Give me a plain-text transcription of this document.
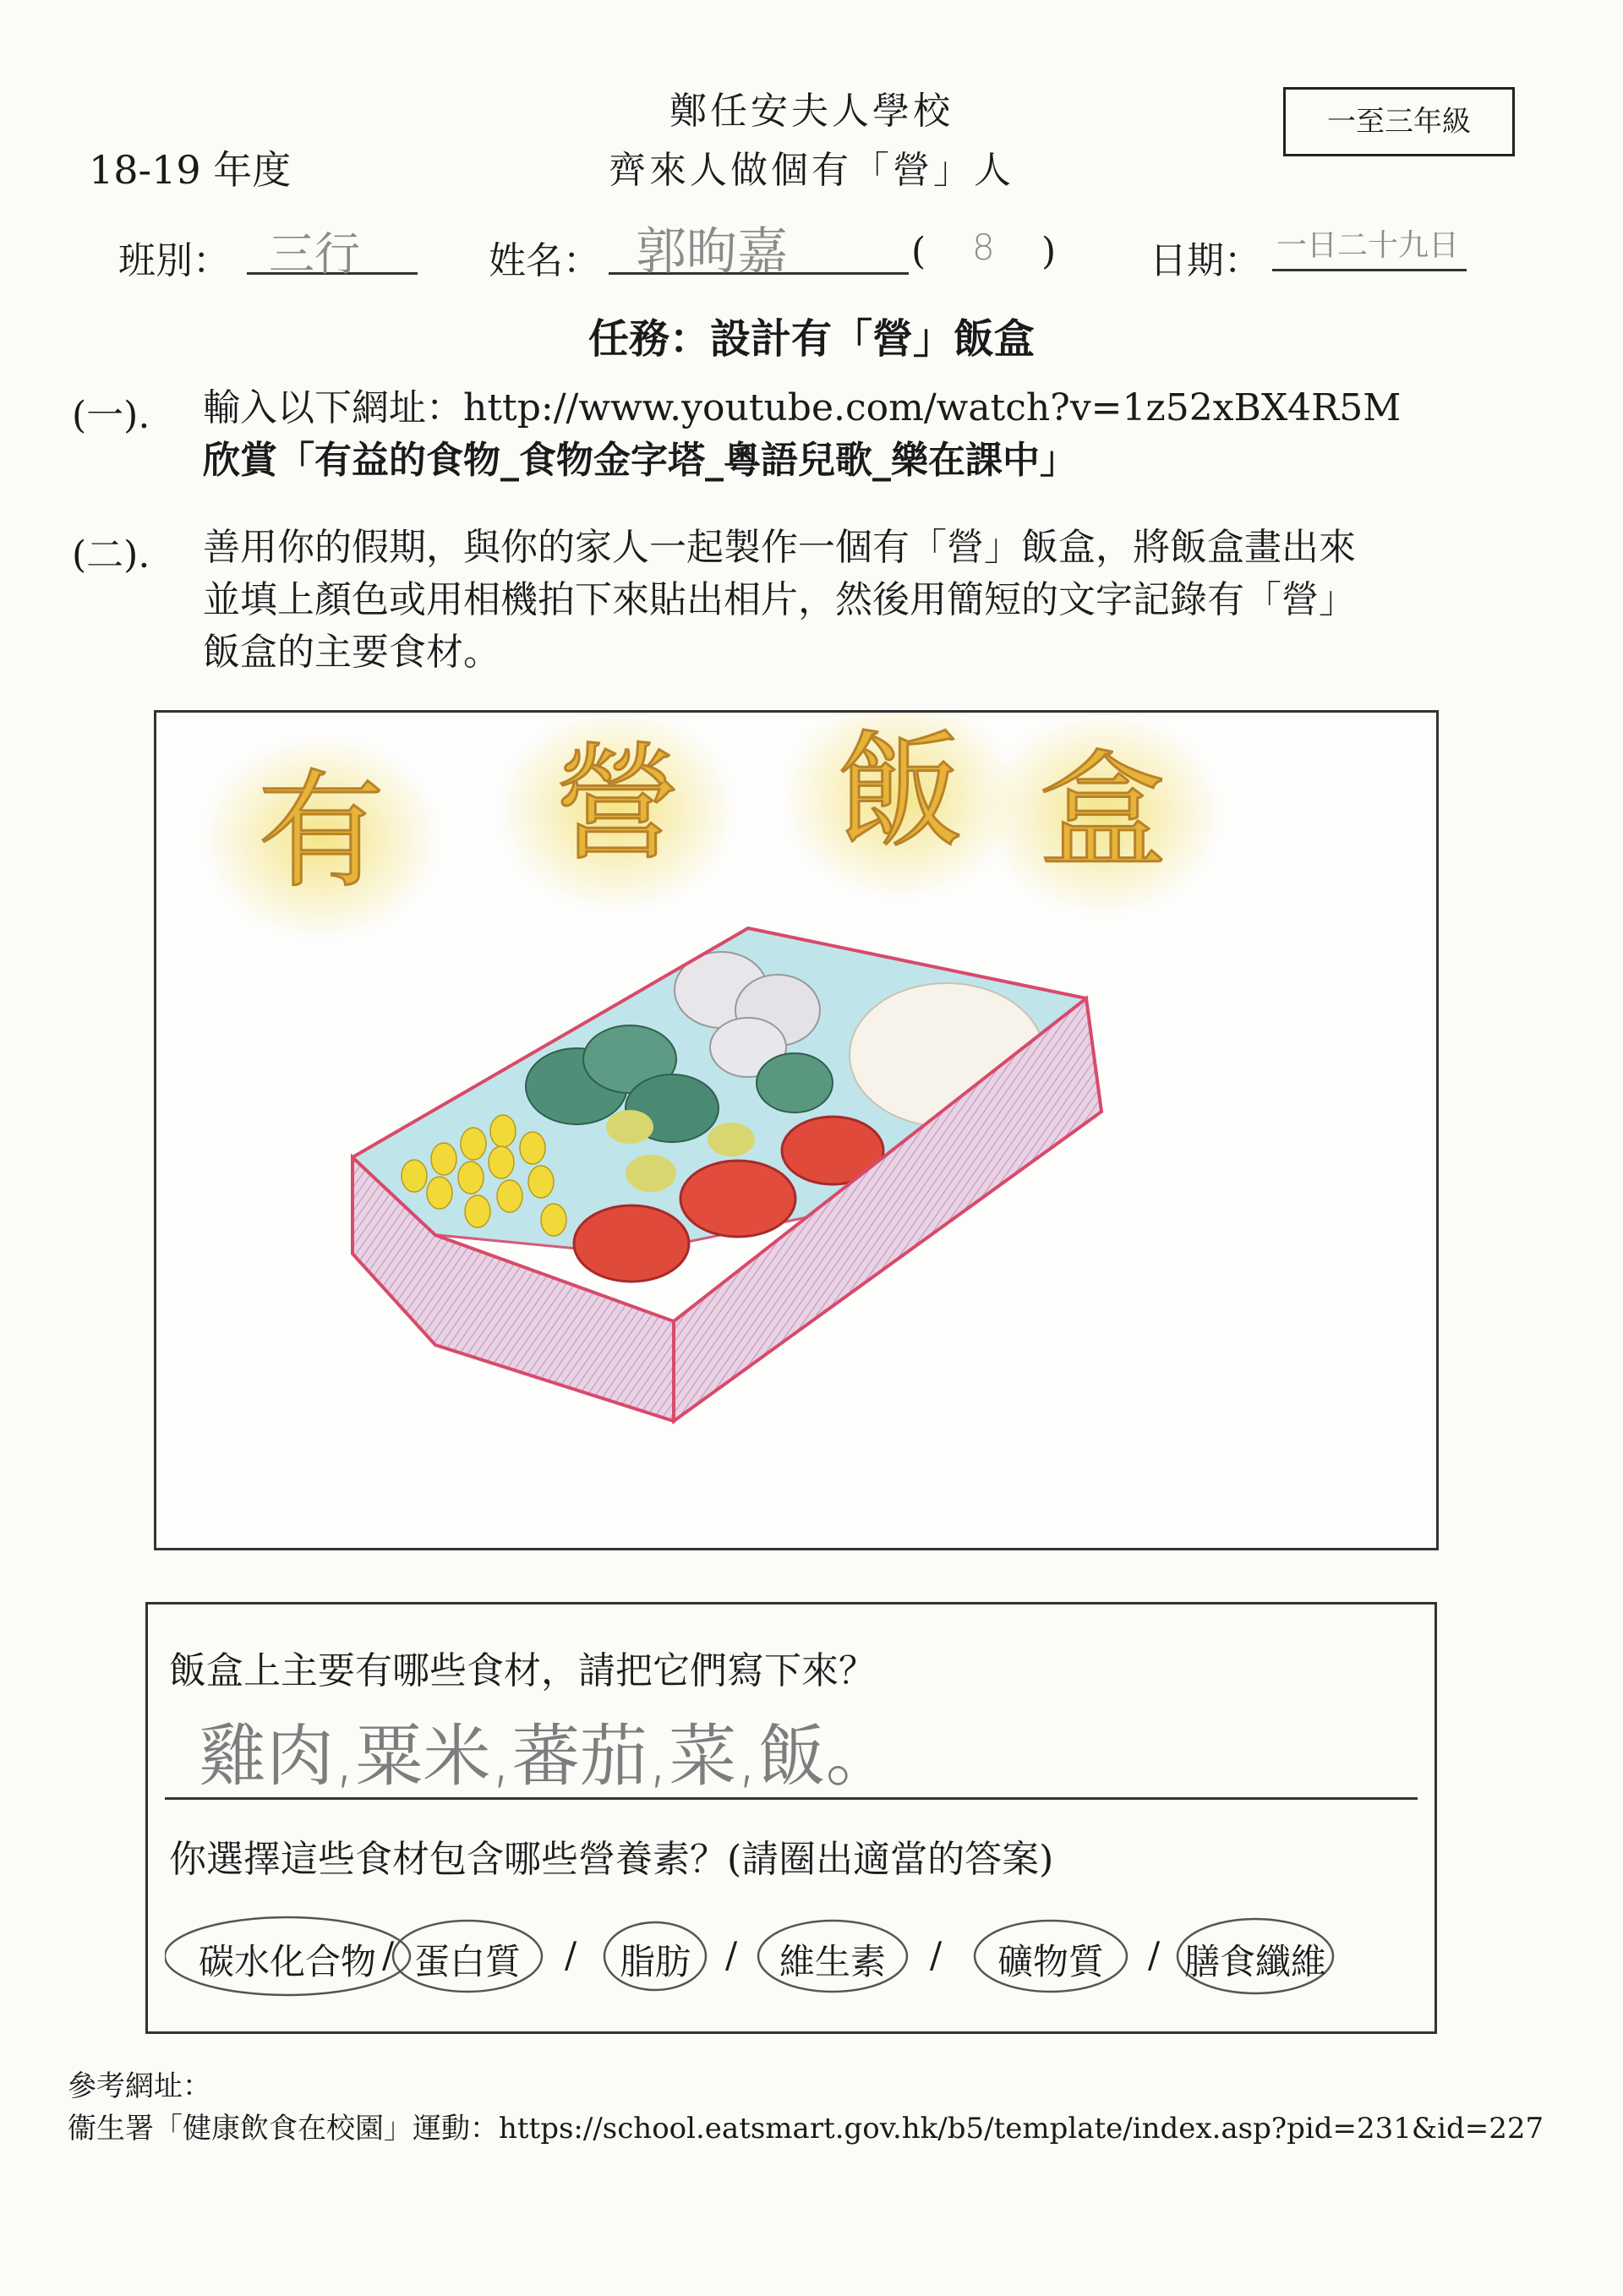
鄭任安夫人學校
齊來人做個有「營」人
18-19 年度
一至三年級
班別： 三行	姓名： 郭昫嘉	( 8 )	日期： 一日二十九日
任務：設計有「營」飯盒
(一). 輸入以下網址：http://www.youtube.com/watch?v=1z52xBX4R5M
欣賞「有益的食物_食物金字塔_粵語兒歌_樂在課中」
(二). 善用你的假期，與你的家人一起製作一個有「營」飯盒，將飯盒畫出來
並填上顏色或用相機拍下來貼出相片，然後用簡短的文字記錄有「營」
飯盒的主要食材。
有 營 飯 盒
飯盒上主要有哪些食材，請把它們寫下來？
雞肉,粟米,蕃茄,菜,飯。
你選擇這些食材包含哪些營養素？(請圈出適當的答案)
碳水化合物 蛋白質	脂肪 維生素	礦物質 膳食纖維
/	/	/	/	/
參考網址：
衞生署「健康飲食在校園」運動：https://school.eatsmart.gov.hk/b5/template/index.asp?pid=231&id=227
